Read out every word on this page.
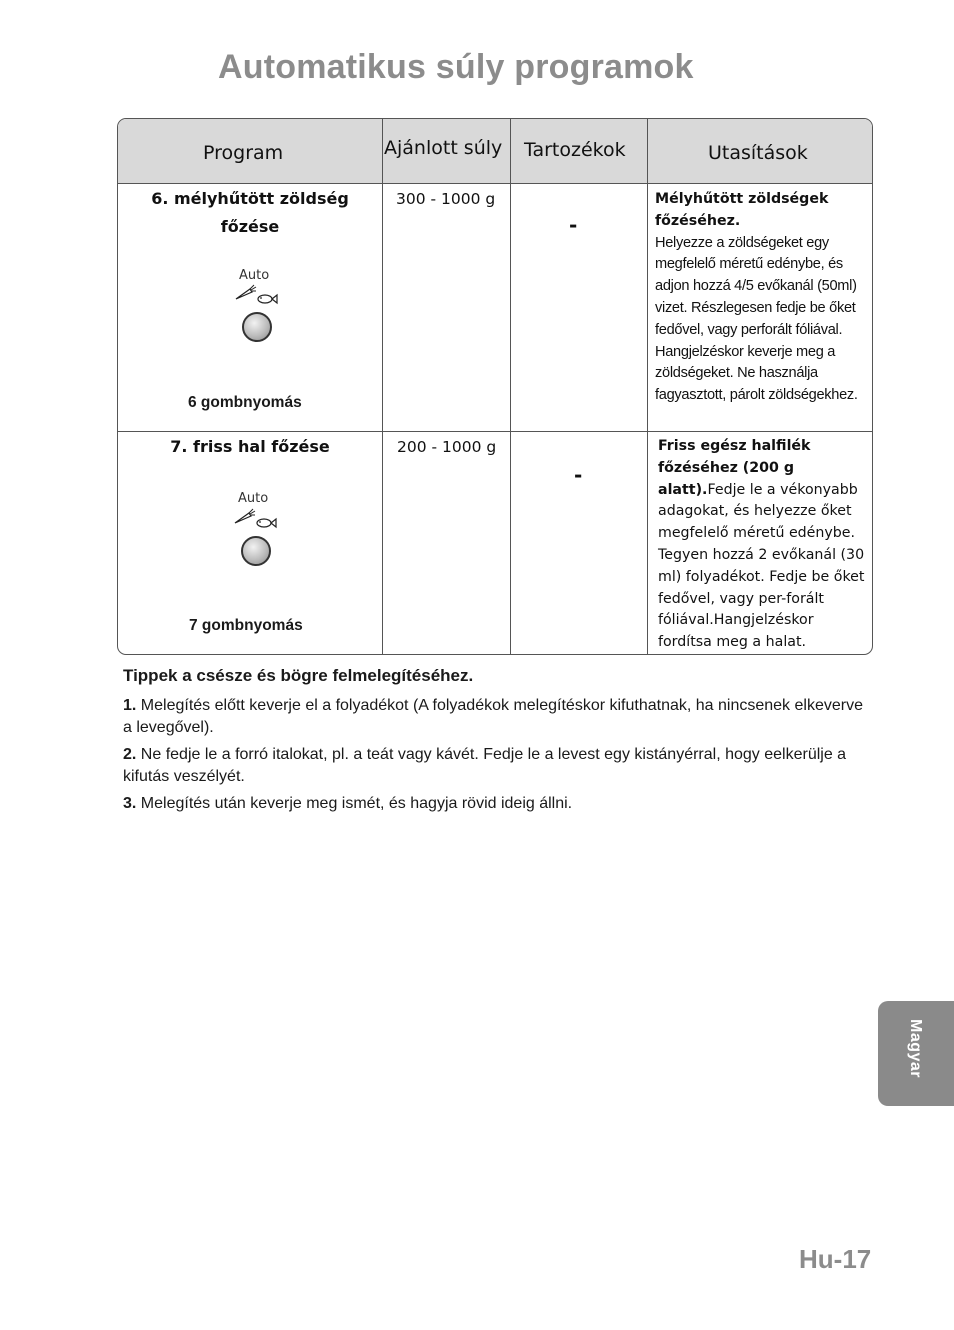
Automatikus súly programok
Program	Ajánlott súly Tartozékok	Utasítások
6. mélyhűtött zöldség
főzése
Auto
6 gombnyomás
300 - 1000 g
-
Mélyhűtött zöldségek
főzéséhez.
Helyezze a zöldségeket egy megfelelő méretű edénybe, és adjon hozzá 4/5 evőkanál (50ml) vizet. Részlegesen fedje be őket fedővel, vagy perforált fóliával. Hangjelzéskor keverje meg a zöldségeket. Ne használja fagyasztott, párolt zöldségekhez.
7. friss hal főzése
Auto
7 gombnyomás
200 - 1000 g
-
Friss egész halfilék
főzéséhez (200 g
alatt).Fedje le a vékonyabb adagokat, és helyezze őket megfelelő méretű edénybe. Tegyen hozzá 2 evőkanál (30 ml) folyadékot. Fedje be őket fedővel, vagy per-forált fóliával.Hangjelzéskor fordítsa meg a halat.
Tippek a csésze és bögre felmelegítéséhez.
1. Melegítés előtt keverje el a folyadékot (A folyadékok melegítéskor kifuthatnak, ha nincsenek elkeverve a levegővel).
2. Ne fedje le a forró italokat, pl. a teát vagy kávét. Fedje le a levest egy kistányérral, hogy eelkerülje a kifutás veszélyét.
3. Melegítés után keverje meg ismét, és hagyja rövid ideig állni.
Magyar
Hu-17
